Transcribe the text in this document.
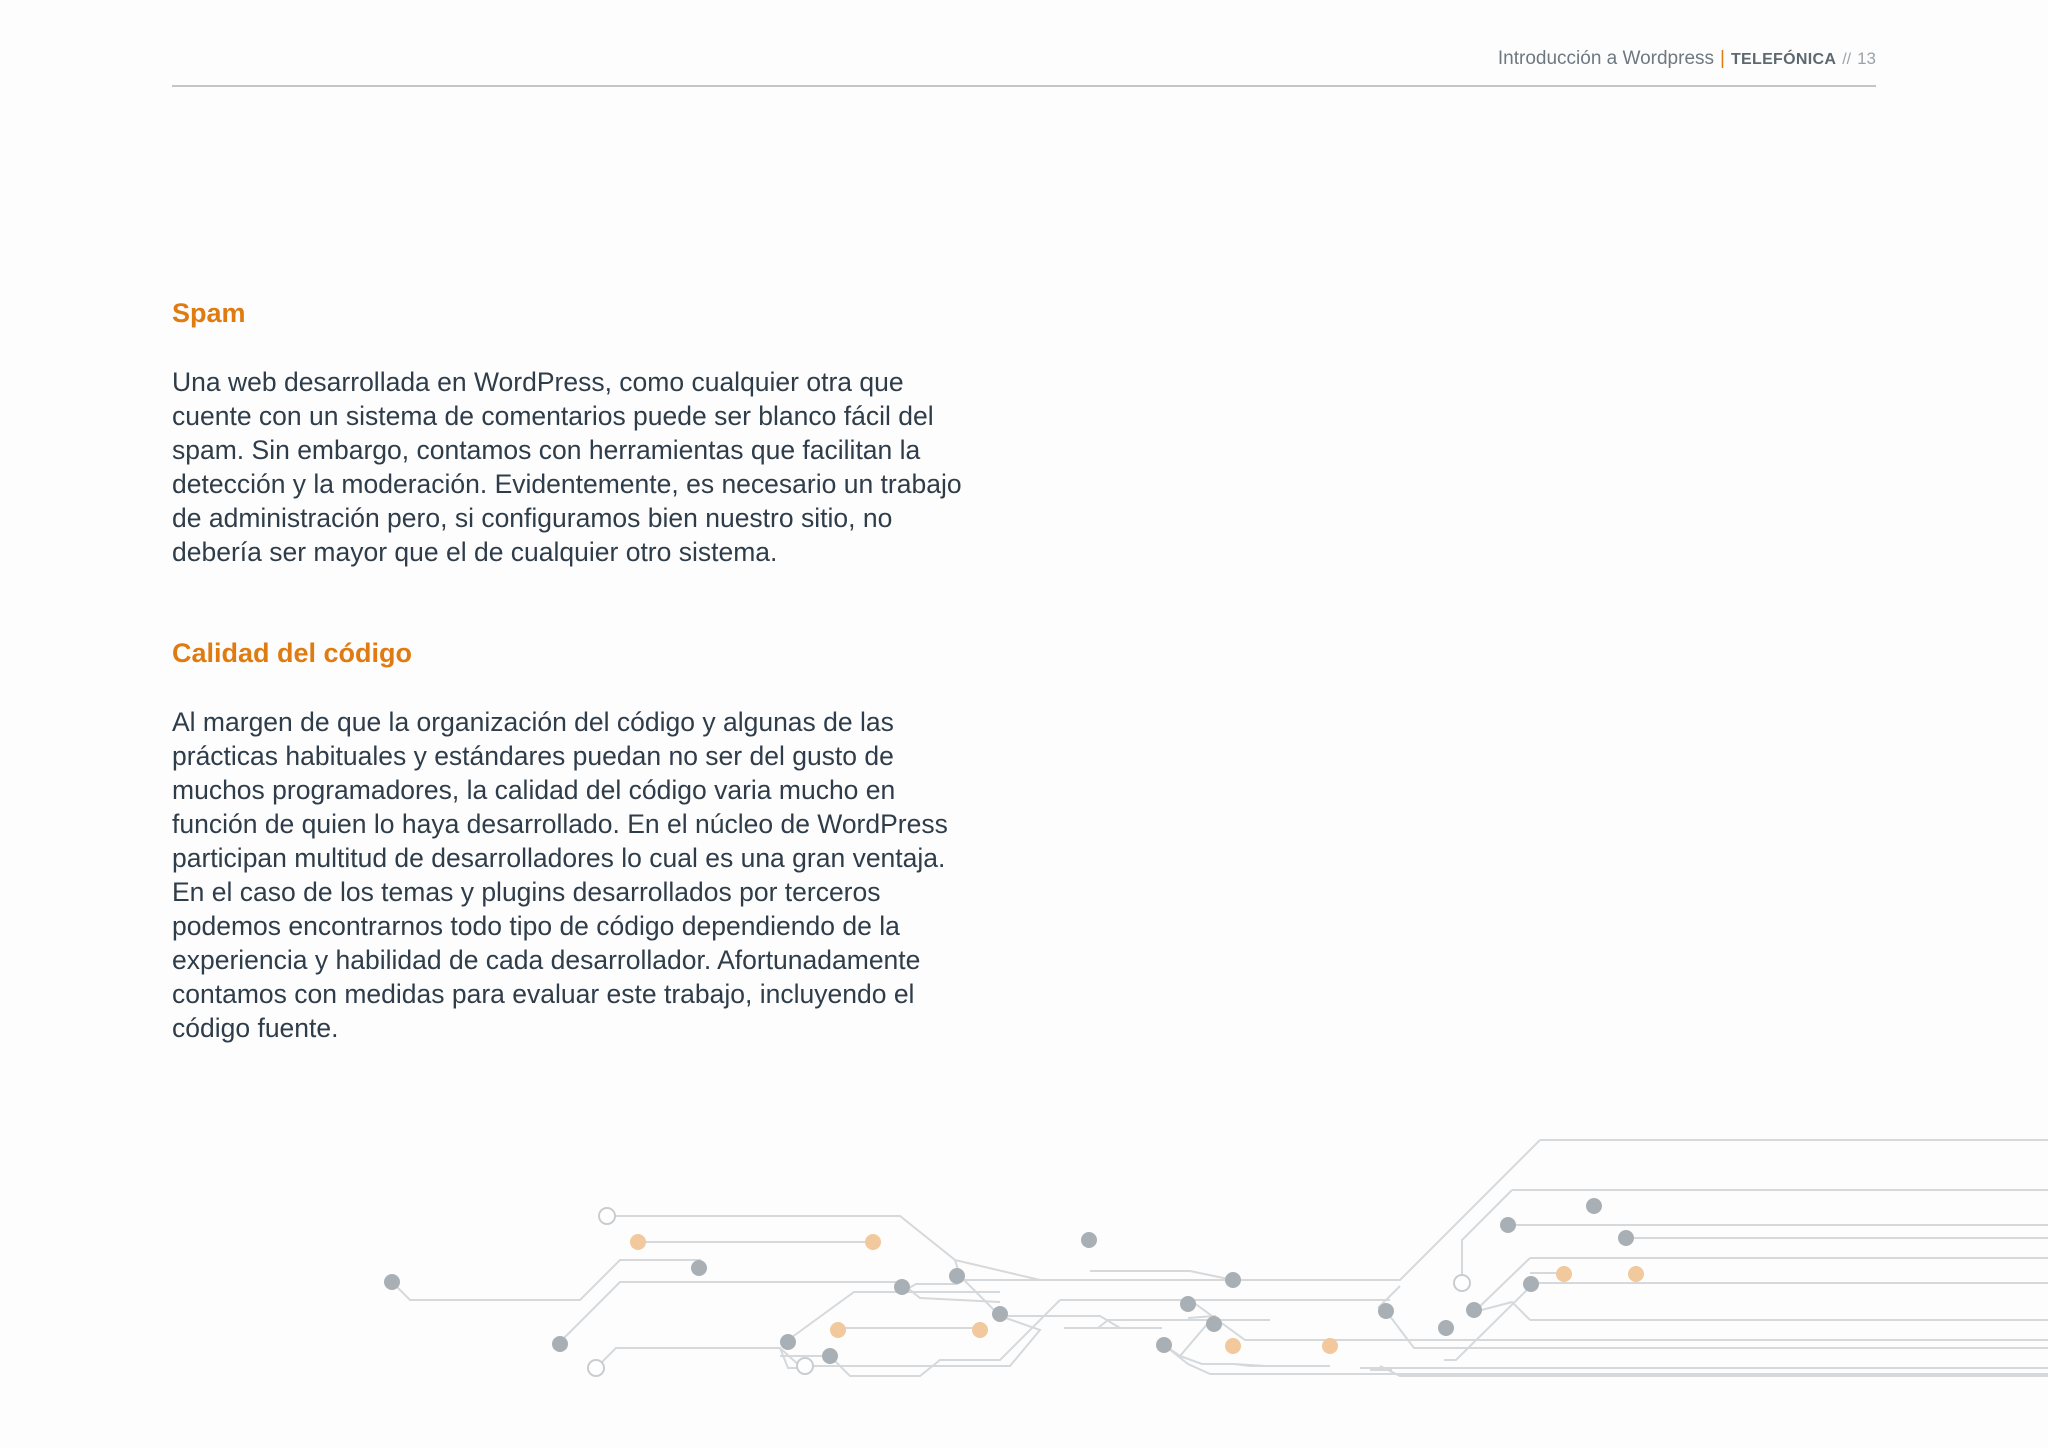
Introducción a Wordpress | TELEFÓNICA // 13
Spam

Una web desarrollada en WordPress, como cualquier otra que
cuente con un sistema de comentarios puede ser blanco fácil del
spam. Sin embargo, contamos con herramientas que facilitan la
detección y la moderación. Evidentemente, es necesario un trabajo
de administración pero, si configuramos bien nuestro sitio, no
debería ser mayor que el de cualquier otro sistema.

Calidad del código

Al margen de que la organización del código y algunas de las
prácticas habituales y estándares puedan no ser del gusto de
muchos programadores, la calidad del código varia mucho en
función de quien lo haya desarrollado. En el núcleo de WordPress
participan multitud de desarrolladores lo cual es una gran ventaja.
En el caso de los temas y plugins desarrollados por terceros
podemos encontrarnos todo tipo de código dependiendo de la
experiencia y habilidad de cada desarrollador. Afortunadamente
contamos con medidas para evaluar este trabajo, incluyendo el
código fuente.
